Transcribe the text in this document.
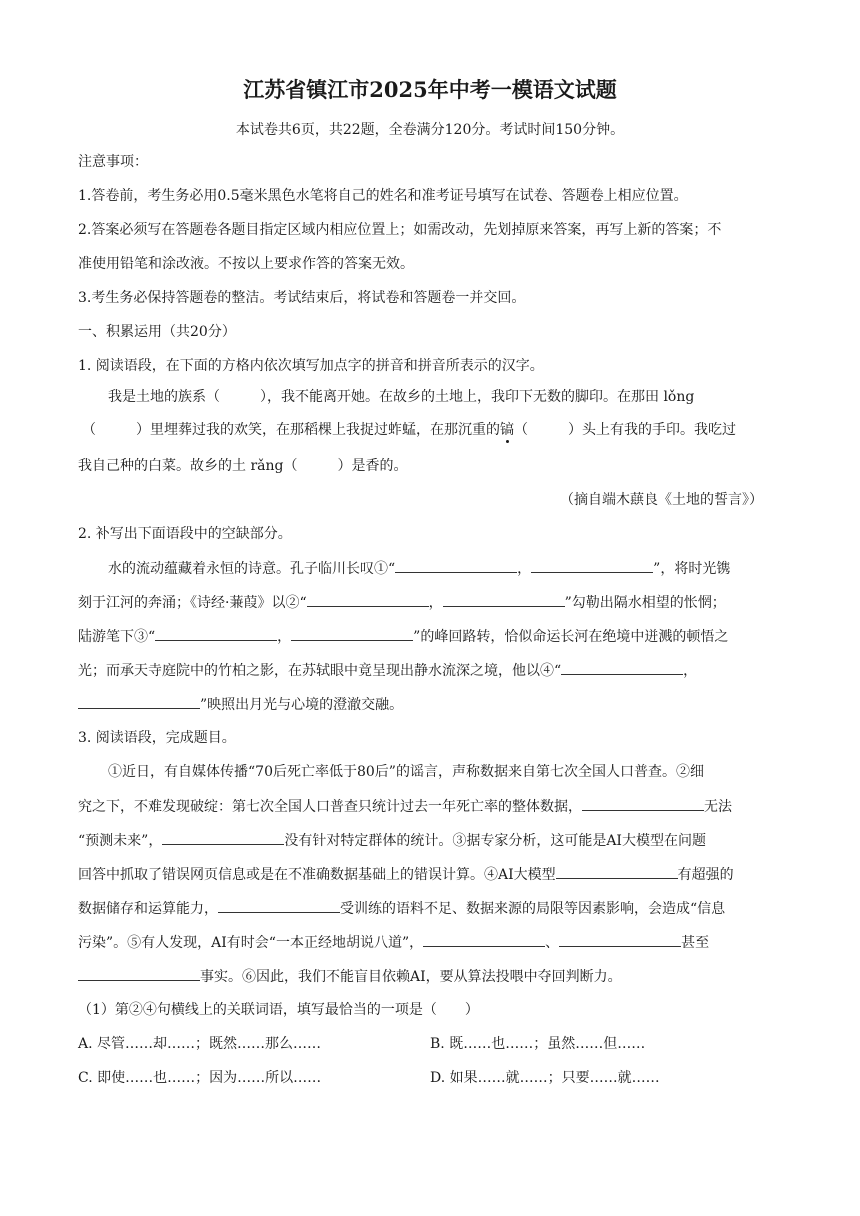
江苏省镇江市2025年中考一模语文试题
本试卷共6页，共22题，全卷满分120分。考试时间150分钟。
注意事项：
1.答卷前，考生务必用0.5毫米黑色水笔将自己的姓名和准考证号填写在试卷、答题卷上相应位置。
2.答案必须写在答题卷各题目指定区域内相应位置上；如需改动，先划掉原来答案，再写上新的答案；不
准使用铅笔和涂改液。不按以上要求作答的答案无效。
3.考生务必保持答题卷的整洁。考试结束后，将试卷和答题卷一并交回。
一、积累运用（共20分）
1. 阅读语段，在下面的方格内依次填写加点字的拼音和拼音所表示的汉字。
我是土地的族系（	），我不能离开她。在故乡的土地上，我印下无数的脚印。在那田 lǒng
（	）里埋葬过我的欢笑，在那稻棵上我捉过蚱蜢，在那沉重的镐（	）头上有我的手印。我吃过
我自己种的白菜。故乡的土 rǎng（	）是香的。
（摘自端木蕻良《土地的誓言》）
2. 补写出下面语段中的空缺部分。
水的流动蕴藏着永恒的诗意。孔子临川长叹①“	，	”，将时光镌
刻于江河的奔涌；《诗经·蒹葭》以②“	，	”勾勒出隔水相望的怅惘；
陆游笔下③“	，	”的峰回路转，恰似命运长河在绝境中迸溅的顿悟之
光；而承天寺庭院中的竹柏之影，在苏轼眼中竟呈现出静水流深之境，他以④“	，
”映照出月光与心境的澄澈交融。
3. 阅读语段，完成题目。
①近日，有自媒体传播“70后死亡率低于80后”的谣言，声称数据来自第七次全国人口普查。②细
究之下，不难发现破绽：第七次全国人口普查只统计过去一年死亡率的整体数据，	无法
“预测未来”，	没有针对特定群体的统计。③据专家分析，这可能是AI大模型在问题
回答中抓取了错误网页信息或是在不准确数据基础上的错误计算。④AI大模型	有超强的
数据储存和运算能力，	受训练的语料不足、数据来源的局限等因素影响，会造成“信息
污染”。⑤有人发现，AI有时会“一本正经地胡说八道”，	、	甚至
事实。⑥因此，我们不能盲目依赖AI，要从算法投喂中夺回判断力。
（1）第②④句横线上的关联词语，填写最恰当的一项是（　　）
A. 尽管……却……；既然……那么……	B. 既……也……；虽然……但……
C. 即使……也……；因为……所以……	D. 如果……就……；只要……就……
